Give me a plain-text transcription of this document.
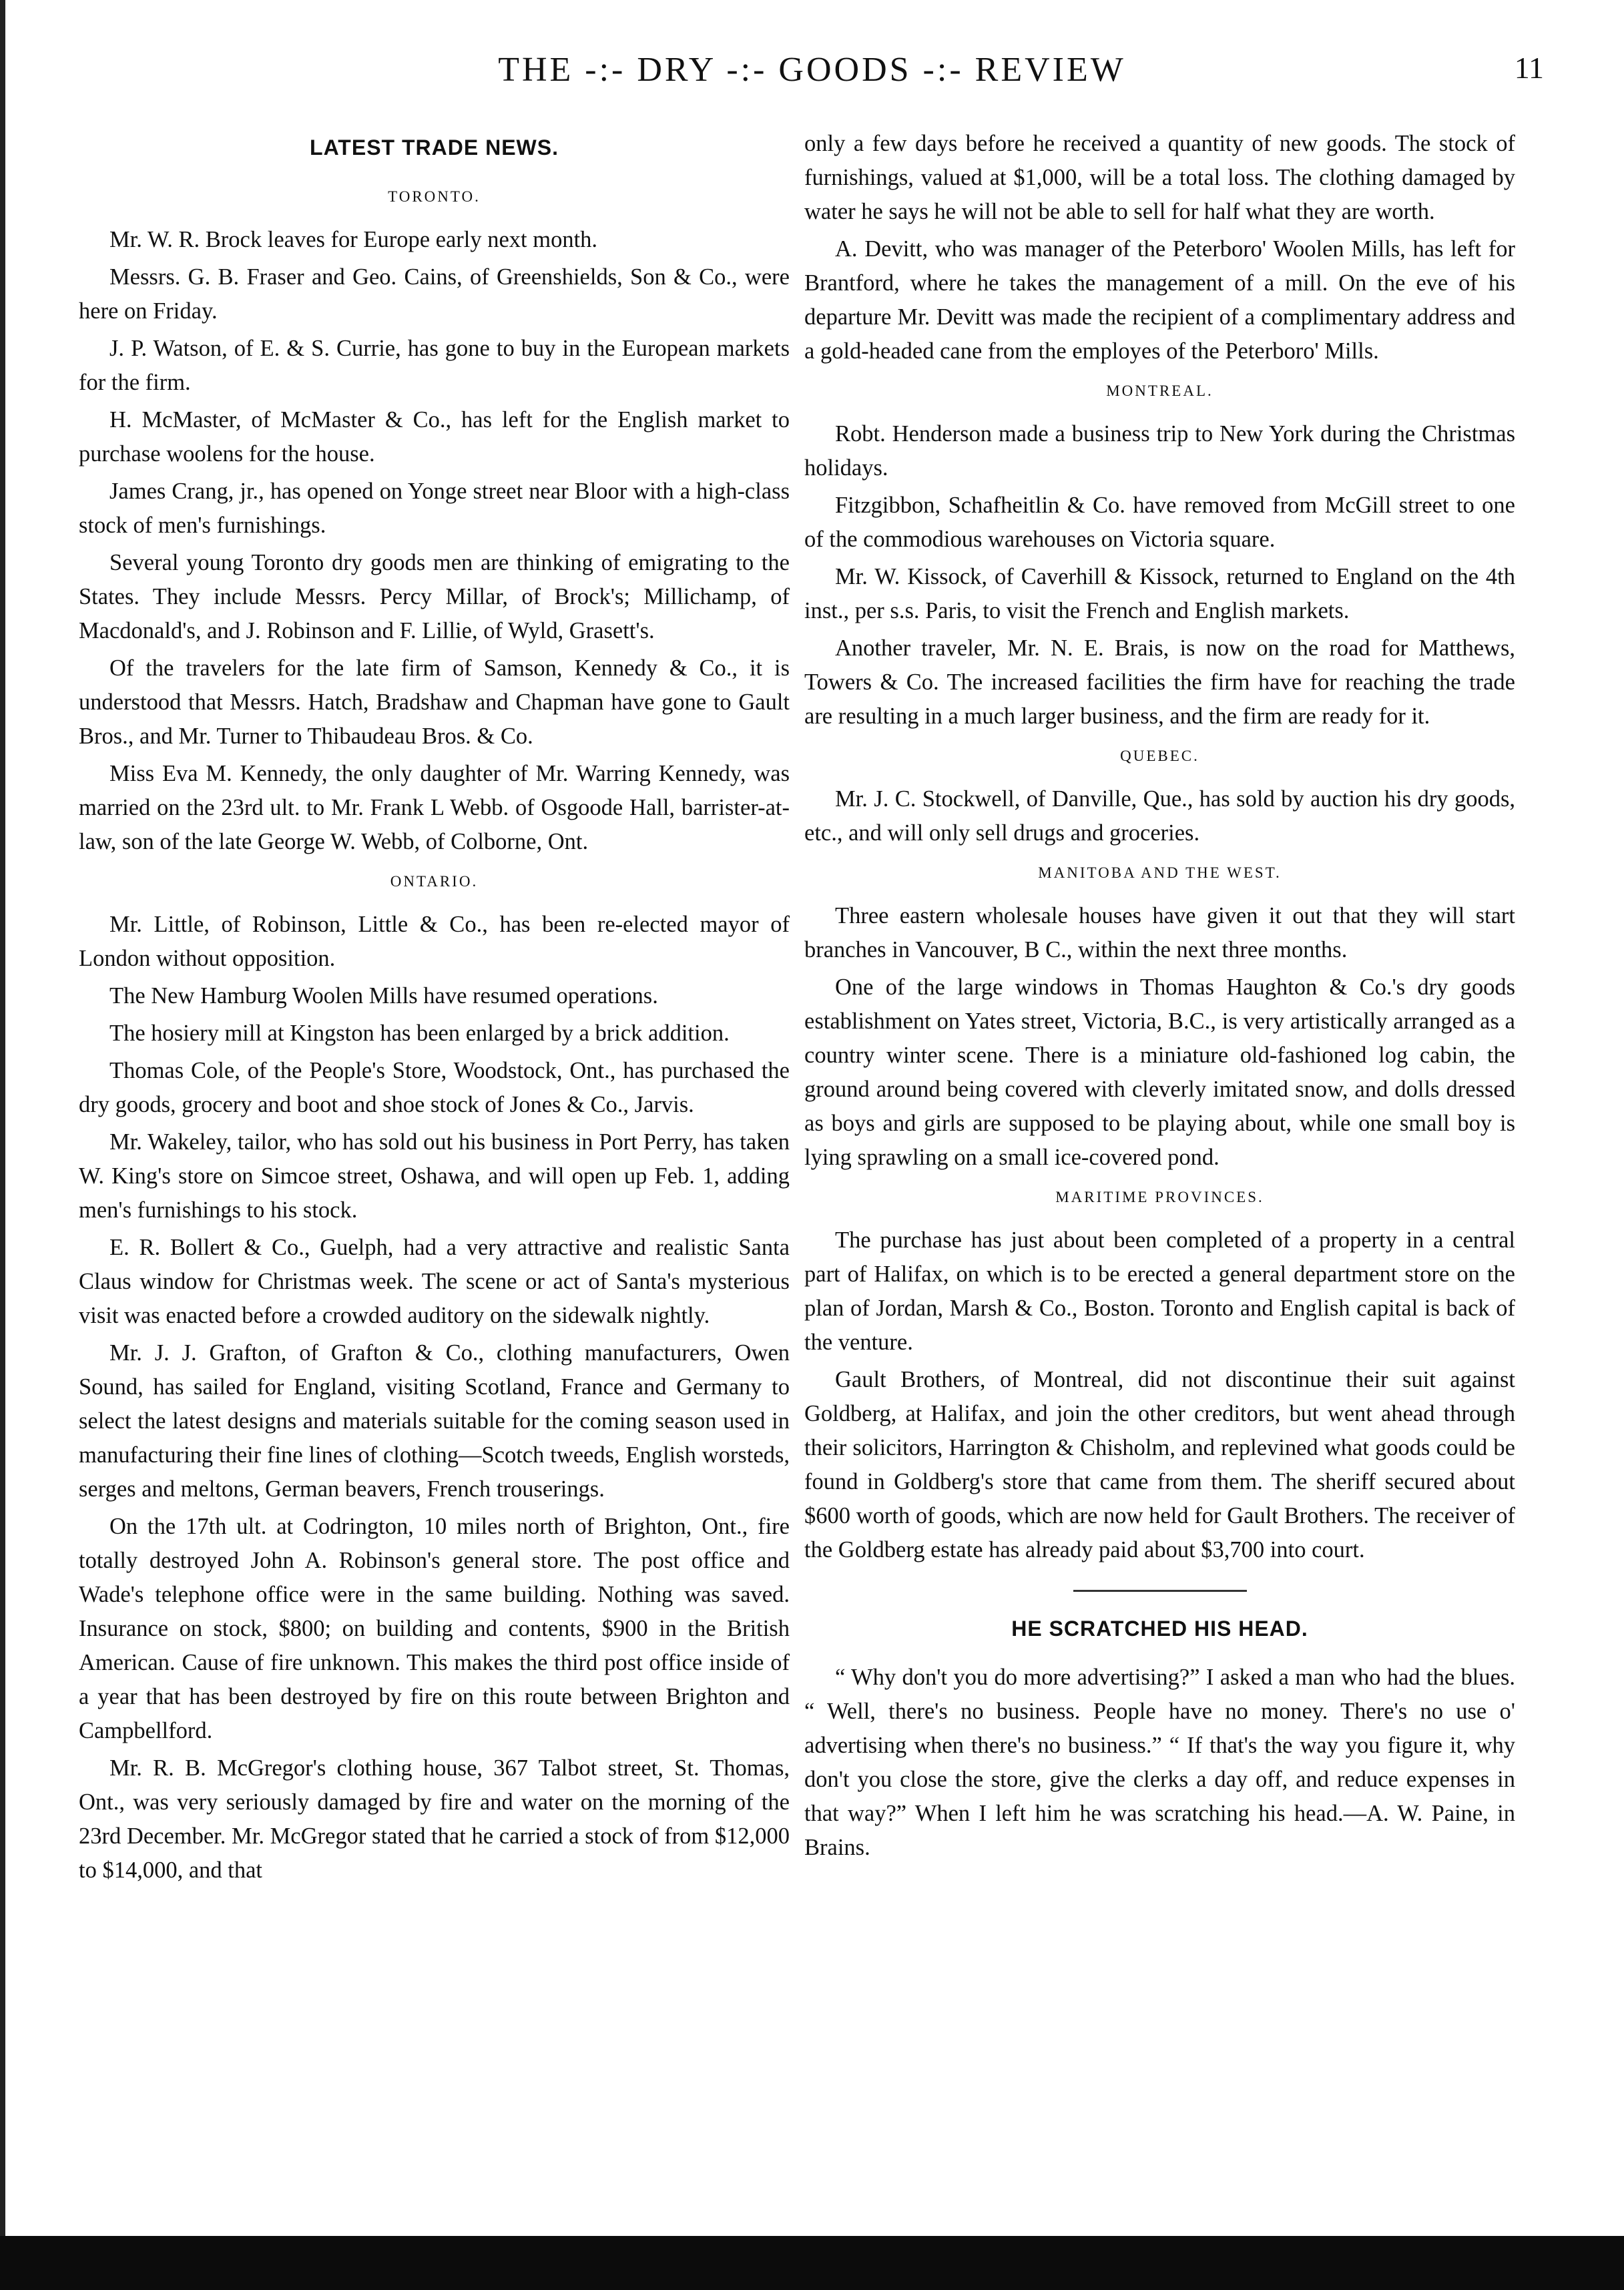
THE -:- DRY -:- GOODS -:- REVIEW	11
LATEST TRADE NEWS.
TORONTO.

Mr. W. R. Brock leaves for Europe early next month.

Messrs. G. B. Fraser and Geo. Cains, of Greenshields, Son & Co., were here on Friday.

J. P. Watson, of E. & S. Currie, has gone to buy in the European markets for the firm.

H. McMaster, of McMaster & Co., has left for the English market to purchase woolens for the house.

James Crang, jr., has opened on Yonge street near Bloor with a high-class stock of men's furnishings.

Several young Toronto dry goods men are thinking of emigrating to the States. They include Messrs. Percy Millar, of Brock's; Millichamp, of Macdonald's, and J. Robinson and F. Lillie, of Wyld, Grasett's.

Of the travelers for the late firm of Samson, Kennedy & Co., it is understood that Messrs. Hatch, Bradshaw and Chapman have gone to Gault Bros., and Mr. Turner to Thibaudeau Bros. & Co.

Miss Eva M. Kennedy, the only daughter of Mr. Warring Kennedy, was married on the 23rd ult. to Mr. Frank L Webb. of Osgoode Hall, barrister-at-law, son of the late George W. Webb, of Colborne, Ont.

ONTARIO.

Mr. Little, of Robinson, Little & Co., has been re-elected mayor of London without opposition.

The New Hamburg Woolen Mills have resumed operations.

The hosiery mill at Kingston has been enlarged by a brick addition.

Thomas Cole, of the People's Store, Woodstock, Ont., has purchased the dry goods, grocery and boot and shoe stock of Jones & Co., Jarvis.

Mr. Wakeley, tailor, who has sold out his business in Port Perry, has taken W. King's store on Simcoe street, Oshawa, and will open up Feb. 1, adding men's furnishings to his stock.

E. R. Bollert & Co., Guelph, had a very attractive and realistic Santa Claus window for Christmas week. The scene or act of Santa's mysterious visit was enacted before a crowded auditory on the sidewalk nightly.

Mr. J. J. Grafton, of Grafton & Co., clothing manufacturers, Owen Sound, has sailed for England, visiting Scotland, France and Germany to select the latest designs and materials suitable for the coming season used in manufacturing their fine lines of clothing—Scotch tweeds, English worsteds, serges and meltons, German beavers, French trouserings.

On the 17th ult. at Codrington, 10 miles north of Brighton, Ont., fire totally destroyed John A. Robinson's general store. The post office and Wade's telephone office were in the same building. Nothing was saved. Insurance on stock, $800; on building and contents, $900 in the British American. Cause of fire unknown. This makes the third post office inside of a year that has been destroyed by fire on this route between Brighton and Campbellford.

Mr. R. B. McGregor's clothing house, 367 Talbot street, St. Thomas, Ont., was very seriously damaged by fire and water on the morning of the 23rd December. Mr. McGregor stated that he carried a stock of from $12,000 to $14,000, and that

only a few days before he received a quantity of new goods. The stock of furnishings, valued at $1,000, will be a total loss. The clothing damaged by water he says he will not be able to sell for half what they are worth.

A. Devitt, who was manager of the Peterboro' Woolen Mills, has left for Brantford, where he takes the management of a mill. On the eve of his departure Mr. Devitt was made the recipient of a complimentary address and a gold-headed cane from the employes of the Peterboro' Mills.

MONTREAL.

Robt. Henderson made a business trip to New York during the Christmas holidays.

Fitzgibbon, Schafheitlin & Co. have removed from McGill street to one of the commodious warehouses on Victoria square.

Mr. W. Kissock, of Caverhill & Kissock, returned to England on the 4th inst., per s.s. Paris, to visit the French and English markets.

Another traveler, Mr. N. E. Brais, is now on the road for Matthews, Towers & Co. The increased facilities the firm have for reaching the trade are resulting in a much larger business, and the firm are ready for it.

QUEBEC.

Mr. J. C. Stockwell, of Danville, Que., has sold by auction his dry goods, etc., and will only sell drugs and groceries.

MANITOBA AND THE WEST.

Three eastern wholesale houses have given it out that they will start branches in Vancouver, B C., within the next three months.

One of the large windows in Thomas Haughton & Co.'s dry goods establishment on Yates street, Victoria, B.C., is very artistically arranged as a country winter scene. There is a miniature old-fashioned log cabin, the ground around being covered with cleverly imitated snow, and dolls dressed as boys and girls are supposed to be playing about, while one small boy is lying sprawling on a small ice-covered pond.

MARITIME PROVINCES.

The purchase has just about been completed of a property in a central part of Halifax, on which is to be erected a general department store on the plan of Jordan, Marsh & Co., Boston. Toronto and English capital is back of the venture.

Gault Brothers, of Montreal, did not discontinue their suit against Goldberg, at Halifax, and join the other creditors, but went ahead through their solicitors, Harrington & Chisholm, and replevined what goods could be found in Goldberg's store that came from them. The sheriff secured about $600 worth of goods, which are now held for Gault Brothers. The receiver of the Goldberg estate has already paid about $3,700 into court.

HE SCRATCHED HIS HEAD.

“ Why don't you do more advertising?” I asked a man who had the blues. “ Well, there's no business. People have no money. There's no use o' advertising when there's no business.” “ If that's the way you figure it, why don't you close the store, give the clerks a day off, and reduce expenses in that way?” When I left him he was scratching his head.—A. W. Paine, in Brains.
